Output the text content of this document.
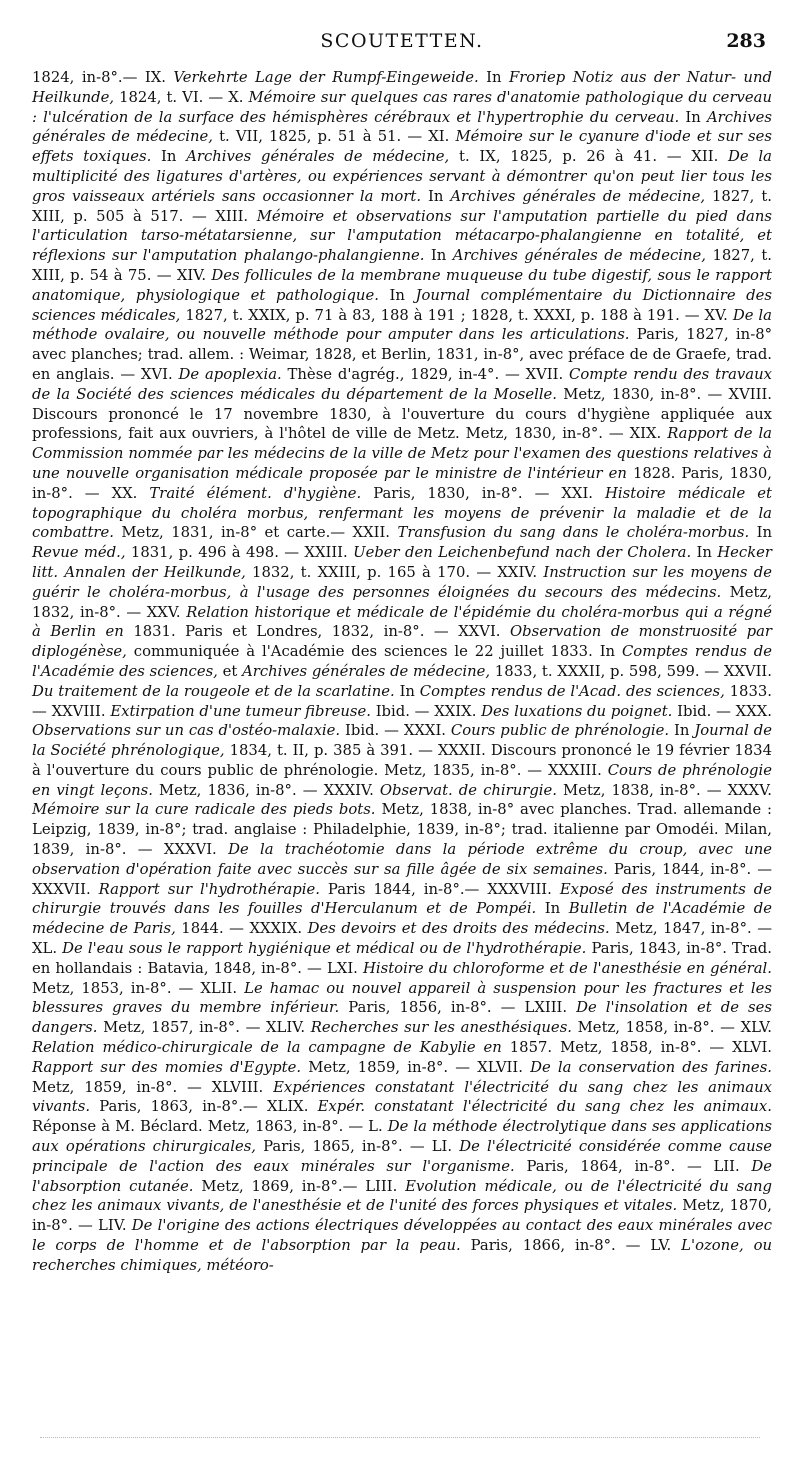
SCOUTETTEN.	283
1824, in-8°.— IX. Verkehrte Lage der Rumpf-Eingeweide. In Froriep Notiz aus der Natur- und Heilkunde, 1824, t. VI. — X. Mémoire sur quelques cas rares d'anatomie pathologique du cerveau : l'ulcération de la surface des hémisphères cérébraux et l'hypertrophie du cerveau. In Archives générales de médecine, t. VII, 1825, p. 51 à 51. — XI. Mémoire sur le cyanure d'iode et sur ses effets toxiques. In Archives générales de médecine, t. IX, 1825, p. 26 à 41. — XII. De la multiplicité des ligatures d'artères, ou expériences servant à démontrer qu'on peut lier tous les gros vaisseaux artériels sans occasionner la mort. In Archives générales de médecine, 1827, t. XIII, p. 505 à 517. — XIII. Mémoire et observations sur l'amputation partielle du pied dans l'articulation tarso-métatarsienne, sur l'amputation métacarpo-phalangienne en totalité, et réflexions sur l'amputation phalango-phalangienne. In Archives générales de médecine, 1827, t. XIII, p. 54 à 75. — XIV. Des follicules de la membrane muqueuse du tube digestif, sous le rapport anatomique, physiologique et pathologique. In Journal complémentaire du Dictionnaire des sciences médicales, 1827, t. XXIX, p. 71 à 83, 188 à 191 ; 1828, t. XXXI, p. 188 à 191. — XV. De la méthode ovalaire, ou nouvelle méthode pour amputer dans les articulations. Paris, 1827, in-8° avec planches; trad. allem. : Weimar, 1828, et Berlin, 1831, in-8°, avec préface de de Graefe, trad. en anglais. — XVI. De apoplexia. Thèse d'agrég., 1829, in-4°. — XVII. Compte rendu des travaux de la Société des sciences médicales du département de la Moselle. Metz, 1830, in-8°. — XVIII. Discours prononcé le 17 novembre 1830, à l'ouverture du cours d'hygiène appliquée aux professions, fait aux ouvriers, à l'hôtel de ville de Metz. Metz, 1830, in-8°. — XIX. Rapport de la Commission nommée par les médecins de la ville de Metz pour l'examen des questions relatives à une nouvelle organisation médicale proposée par le ministre de l'intérieur en 1828. Paris, 1830, in-8°. — XX. Traité élément. d'hygiène. Paris, 1830, in-8°. — XXI. Histoire médicale et topographique du choléra morbus, renfermant les moyens de prévenir la maladie et de la combattre. Metz, 1831, in-8° et carte.— XXII. Transfusion du sang dans le choléra-morbus. In Revue méd., 1831, p. 496 à 498. — XXIII. Ueber den Leichenbefund nach der Cholera. In Hecker litt. Annalen der Heilkunde, 1832, t. XXIII, p. 165 à 170. — XXIV. Instruction sur les moyens de guérir le choléra-morbus, à l'usage des personnes éloignées du secours des médecins. Metz, 1832, in-8°. — XXV. Relation historique et médicale de l'épidémie du choléra-morbus qui a régné à Berlin en 1831. Paris et Londres, 1832, in-8°. — XXVI. Observation de monstruosité par diplogénèse, communiquée à l'Académie des sciences le 22 juillet 1833. In Comptes rendus de l'Académie des sciences, et Archives générales de médecine, 1833, t. XXXII, p. 598, 599. — XXVII. Du traitement de la rougeole et de la scarlatine. In Comptes rendus de l'Acad. des sciences, 1833.— XXVIII. Extirpation d'une tumeur fibreuse. Ibid. — XXIX. Des luxations du poignet. Ibid. — XXX. Observations sur un cas d'ostéo-malaxie. Ibid. — XXXI. Cours public de phrénologie. In Journal de la Société phrénologique, 1834, t. II, p. 385 à 391. — XXXII. Discours prononcé le 19 février 1834 à l'ouverture du cours public de phrénologie. Metz, 1835, in-8°. — XXXIII. Cours de phrénologie en vingt leçons. Metz, 1836, in-8°. — XXXIV. Observat. de chirurgie. Metz, 1838, in-8°. — XXXV. Mémoire sur la cure radicale des pieds bots. Metz, 1838, in-8° avec planches. Trad. allemande : Leipzig, 1839, in-8°; trad. anglaise : Philadelphie, 1839, in-8°; trad. italienne par Omodéi. Milan, 1839, in-8°. — XXXVI. De la trachéotomie dans la période extrême du croup, avec une observation d'opération faite avec succès sur sa fille âgée de six semaines. Paris, 1844, in-8°. — XXXVII. Rapport sur l'hydrothérapie. Paris 1844, in-8°.— XXXVIII. Exposé des instruments de chirurgie trouvés dans les fouilles d'Herculanum et de Pompéi. In Bulletin de l'Académie de médecine de Paris, 1844. — XXXIX. Des devoirs et des droits des médecins. Metz, 1847, in-8°. — XL. De l'eau sous le rapport hygiénique et médical ou de l'hydrothérapie. Paris, 1843, in-8°. Trad. en hollandais : Batavia, 1848, in-8°. — LXI. Histoire du chloroforme et de l'anesthésie en général. Metz, 1853, in-8°. — XLII. Le hamac ou nouvel appareil à suspension pour les fractures et les blessures graves du membre inférieur. Paris, 1856, in-8°. — LXIII. De l'insolation et de ses dangers. Metz, 1857, in-8°. — XLIV. Recherches sur les anesthésiques. Metz, 1858, in-8°. — XLV. Relation médico-chirurgicale de la campagne de Kabylie en 1857. Metz, 1858, in-8°. — XLVI. Rapport sur des momies d'Egypte. Metz, 1859, in-8°. — XLVII. De la conservation des farines. Metz, 1859, in-8°. — XLVIII. Expériences constatant l'électricité du sang chez les animaux vivants. Paris, 1863, in-8°.— XLIX. Expér. constatant l'électricité du sang chez les animaux. Réponse à M. Béclard. Metz, 1863, in-8°. — L. De la méthode électrolytique dans ses applications aux opérations chirurgicales, Paris, 1865, in-8°. — LI. De l'électricité considérée comme cause principale de l'action des eaux minérales sur l'organisme. Paris, 1864, in-8°. — LII. De l'absorption cutanée. Metz, 1869, in-8°.— LIII. Evolution médicale, ou de l'électricité du sang chez les animaux vivants, de l'anesthésie et de l'unité des forces physiques et vitales. Metz, 1870, in-8°. — LIV. De l'origine des actions électriques développées au contact des eaux minérales avec le corps de l'homme et de l'absorption par la peau. Paris, 1866, in-8°. — LV. L'ozone, ou recherches chimiques, météoro-
